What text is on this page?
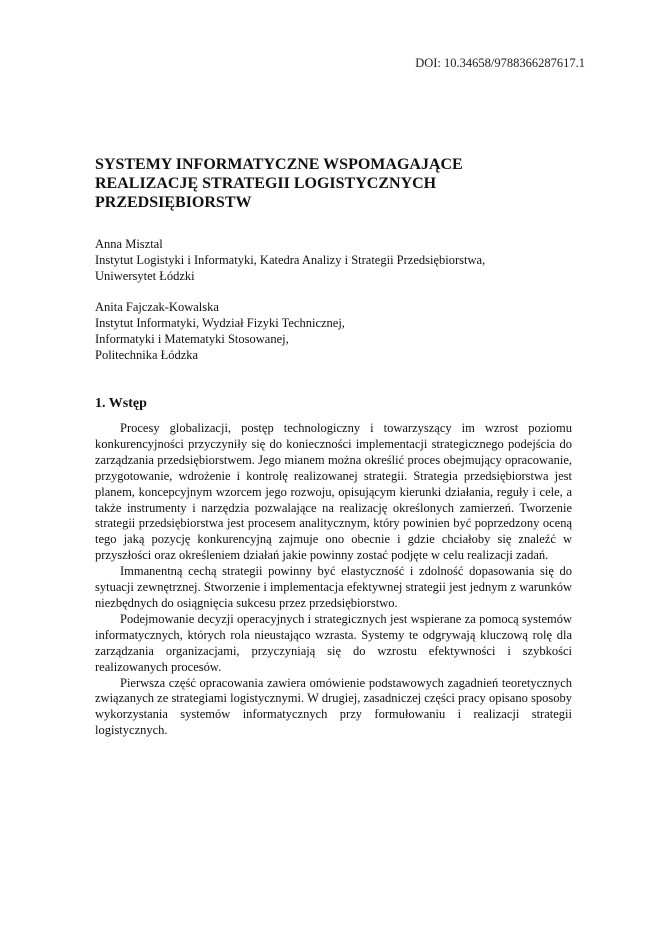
DOI: 10.34658/9788366287617.1
SYSTEMY INFORMATYCZNE WSPOMAGAJĄCE
REALIZACJĘ STRATEGII LOGISTYCZNYCH
PRZEDSIĘBIORSTW
Anna Misztal
Instytut Logistyki i Informatyki, Katedra Analizy i Strategii Przedsiębiorstwa,
Uniwersytet Łódzki
Anita Fajczak-Kowalska
Instytut Informatyki, Wydział Fizyki Technicznej,
Informatyki i Matematyki Stosowanej,
Politechnika Łódzka
1. Wstęp

Procesy globalizacji, postęp technologiczny i towarzyszący im wzrost poziomu konkurencyjności przyczyniły się do konieczności implementacji strategicznego podejścia do zarządzania przedsiębiorstwem. Jego mianem można określić proces obejmujący opracowanie, przygotowanie, wdrożenie i kontrolę realizowanej strategii. Strategia przedsiębiorstwa jest planem, koncepcyjnym wzorcem jego rozwoju, opisującym kierunki działania, reguły i cele, a także instrumenty i narzędzia pozwalające na realizację określonych zamierzeń. Tworzenie strategii przedsiębiorstwa jest procesem analitycznym, który powinien być poprzedzony oceną tego jaką pozycję konkurencyjną zajmuje ono obecnie i gdzie chciałoby się znaleźć w przyszłości oraz określeniem działań jakie powinny zostać podjęte w celu realizacji zadań.

Immanentną cechą strategii powinny być elastyczność i zdolność dopasowania się do sytuacji zewnętrznej. Stworzenie i implementacja efektywnej strategii jest jednym z warunków niezbędnych do osiągnięcia sukcesu przez przedsiębiorstwo.

Podejmowanie decyzji operacyjnych i strategicznych jest wspierane za pomocą systemów informatycznych, których rola nieustająco wzrasta. Systemy te odgrywają kluczową rolę dla zarządzania organizacjami, przyczyniają się do wzrostu efektywności i szybkości realizowanych procesów.

Pierwsza część opracowania zawiera omówienie podstawowych zagadnień teoretycznych związanych ze strategiami logistycznymi. W drugiej, zasadniczej części pracy opisano sposoby wykorzystania systemów informatycznych przy formułowaniu i realizacji strategii logistycznych.
